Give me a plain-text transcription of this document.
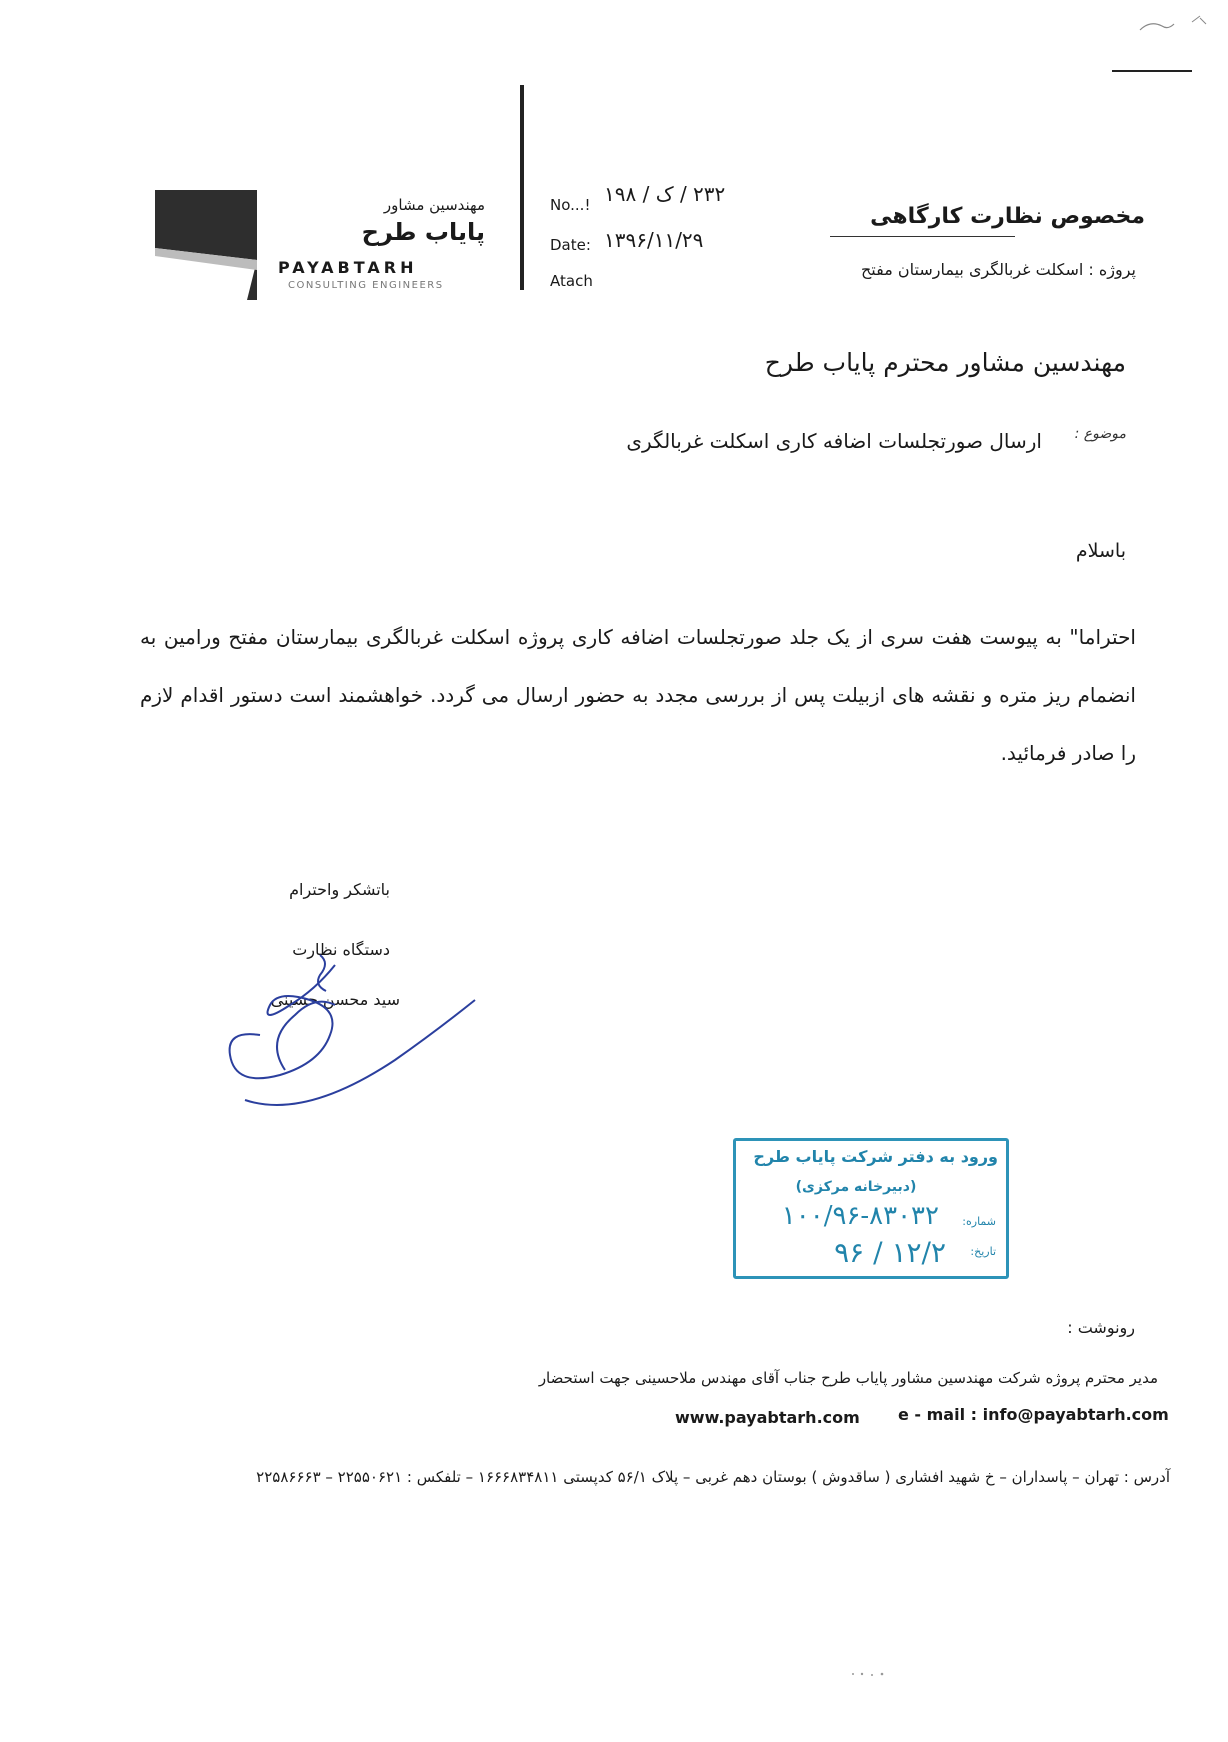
مهندسین مشاور
پایاب طرح
PAYABTARH
CONSULTING ENGINEERS
No...! ۲۳۲ / ک / ۱۹۸
Date: ۱۳۹۶/۱۱/۲۹
Atach
مخصوص نظارت کارگاهی
پروژه : اسکلت غربالگری بیمارستان مفتح
مهندسین مشاور محترم پایاب طرح
موضوع :
ارسال صورتجلسات اضافه کاری اسکلت غربالگری
باسلام
احتراما" به پیوست هفت سری از یک جلد صورتجلسات اضافه کاری پروژه اسکلت غربالگری بیمارستان مفتح ورامین به انضمام ریز متره و نقشه های ازبیلت پس از بررسی مجدد به حضور ارسال می گردد. خواهشمند است دستور اقدام لازم را صادر فرمائید.
باتشکر واحترام
دستگاه نظارت
سید محسن حسینی
ورود به دفتر شرکت پایاب طرح
(دبیرخانه مرکزی)
شماره:
۱۰۰/۹۶-۸۳۰۳۲
تاریخ:
۹۶ / ۱۲/۲
رونوشت :
مدیر محترم پروژه شرکت مهندسین مشاور پایاب طرح جناب آقای مهندس ملاحسینی جهت استحضار
www.payabtarh.com e - mail : info@payabtarh.com
آدرس : تهران – پاسداران – خ شهید افشاری ( ساقدوش ) بوستان دهم غربی – پلاک ۵۶/۱ کدپستی ۱۶۶۶۸۳۴۸۱۱ – تلفکس : ۲۲۵۵۰۶۲۱ – ۲۲۵۸۶۶۶۳
